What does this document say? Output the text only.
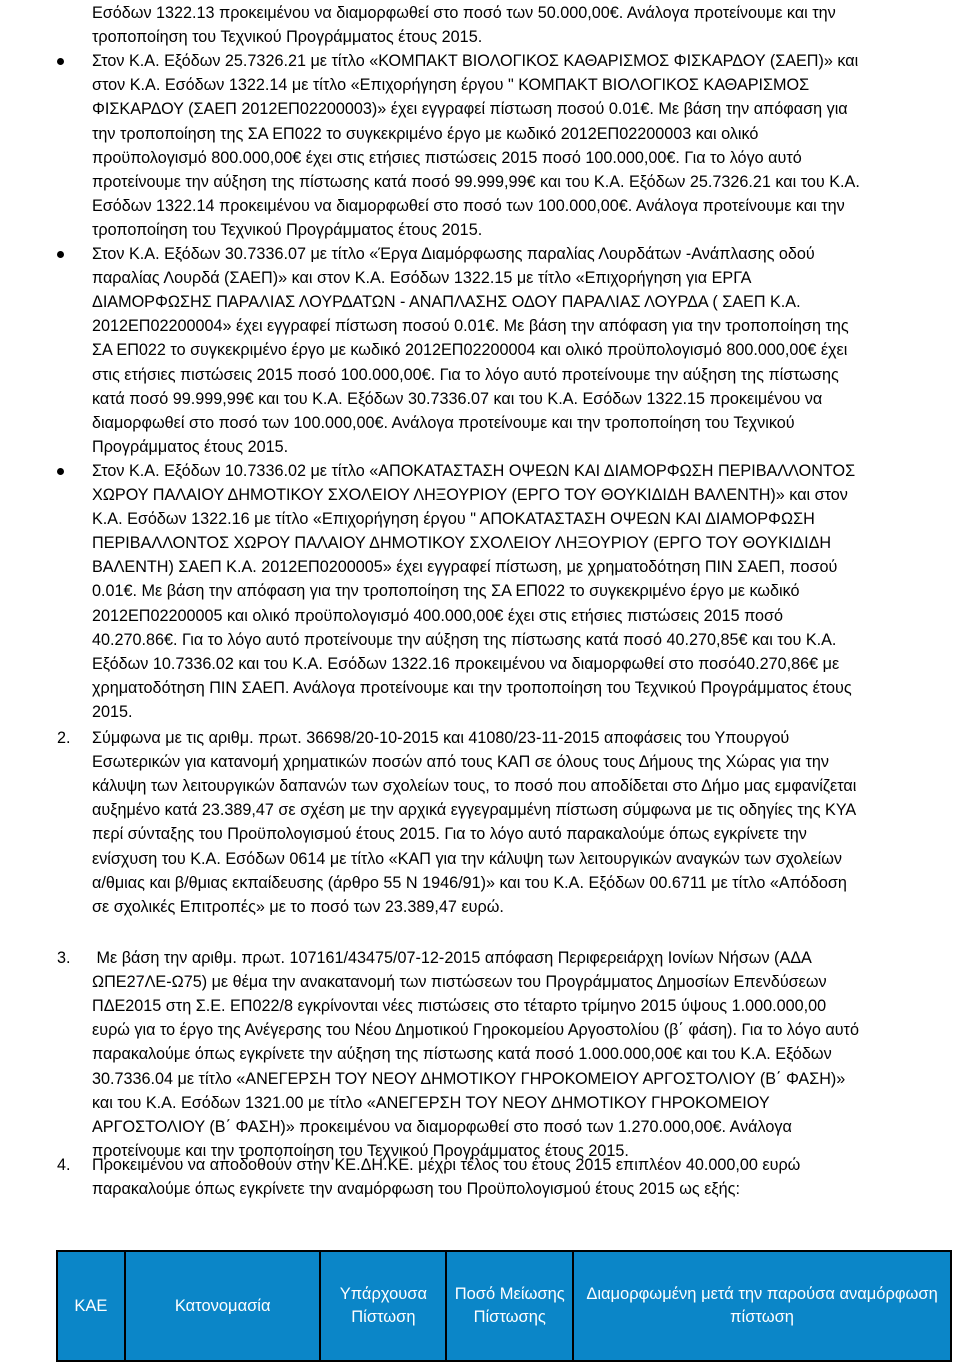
Εσόδων 1322.13 προκειμένου να διαμορφωθεί στο ποσό των 50.000,00€. Ανάλογα προτείνουμε και την
τροποποίηση του Τεχνικού Προγράμματος έτους 2015.
Στον Κ.Α. Εξόδων 25.7326.21 με τίτλο «ΚΟΜΠΑΚΤ ΒΙΟΛΟΓΙΚΟΣ ΚΑΘΑΡΙΣΜΟΣ ΦΙΣΚΑΡΔΟΥ (ΣΑΕΠ)» και
στον Κ.Α. Εσόδων 1322.14 με τίτλο «Επιχορήγηση έργου " ΚΟΜΠΑΚΤ ΒΙΟΛΟΓΙΚΟΣ ΚΑΘΑΡΙΣΜΟΣ
ΦΙΣΚΑΡΔΟΥ (ΣΑΕΠ 2012ΕΠ02200003)» έχει εγγραφεί πίστωση ποσού 0.01€. Με βάση την απόφαση για
την τροποποίηση της ΣΑ ΕΠ022 το συγκεκριμένο έργο με κωδικό 2012ΕΠ02200003 και ολικό
προϋπολογισμό 800.000,00€ έχει στις ετήσιες πιστώσεις 2015 ποσό 100.000,00€. Για το λόγο αυτό
προτείνουμε την αύξηση της πίστωσης κατά ποσό 99.999,99€ και του Κ.Α. Εξόδων 25.7326.21 και του Κ.Α.
Εσόδων 1322.14 προκειμένου να διαμορφωθεί στο ποσό των 100.000,00€. Ανάλογα προτείνουμε και την
τροποποίηση του Τεχνικού Προγράμματος έτους 2015.
Στον Κ.Α. Εξόδων 30.7336.07 με τίτλο «Έργα Διαμόρφωσης παραλίας Λουρδάτων -Ανάπλασης οδού
παραλίας Λουρδά (ΣΑΕΠ)» και στον Κ.Α. Εσόδων 1322.15 με τίτλο «Επιχορήγηση για ΕΡΓΑ
ΔΙΑΜΟΡΦΩΣΗΣ ΠΑΡΑΛΙΑΣ ΛΟΥΡΔΑΤΩΝ - ΑΝΑΠΛΑΣΗΣ ΟΔΟΥ ΠΑΡΑΛΙΑΣ ΛΟΥΡΔΑ ( ΣΑΕΠ Κ.Α.
2012ΕΠ02200004» έχει εγγραφεί πίστωση ποσού 0.01€. Με βάση την απόφαση για την τροποποίηση της
ΣΑ ΕΠ022 το συγκεκριμένο έργο με κωδικό 2012ΕΠ02200004 και ολικό προϋπολογισμό 800.000,00€ έχει
στις ετήσιες πιστώσεις 2015 ποσό 100.000,00€. Για το λόγο αυτό προτείνουμε την αύξηση της πίστωσης
κατά ποσό 99.999,99€ και του Κ.Α. Εξόδων 30.7336.07 και του Κ.Α. Εσόδων 1322.15 προκειμένου να
διαμορφωθεί στο ποσό των 100.000,00€. Ανάλογα προτείνουμε και την τροποποίηση του Τεχνικού
Προγράμματος έτους 2015.
Στον Κ.Α. Εξόδων 10.7336.02 με τίτλο «ΑΠΟΚΑΤΑΣΤΑΣΗ ΟΨΕΩΝ ΚΑΙ ΔΙΑΜΟΡΦΩΣΗ ΠΕΡΙΒΑΛΛΟΝΤΟΣ
ΧΩΡΟΥ ΠΑΛΑΙΟΥ ΔΗΜΟΤΙΚΟΥ ΣΧΟΛΕΙΟΥ ΛΗΞΟΥΡΙΟΥ (ΕΡΓΟ ΤΟΥ ΘΟΥΚΙΔΙΔΗ ΒΑΛΕΝΤΗ)» και στον
Κ.Α. Εσόδων 1322.16 με τίτλο «Επιχορήγηση έργου " ΑΠΟΚΑΤΑΣΤΑΣΗ ΟΨΕΩΝ ΚΑΙ ΔΙΑΜΟΡΦΩΣΗ
ΠΕΡΙΒΑΛΛΟΝΤΟΣ ΧΩΡΟΥ ΠΑΛΑΙΟΥ ΔΗΜΟΤΙΚΟΥ ΣΧΟΛΕΙΟΥ ΛΗΞΟΥΡΙΟΥ (ΕΡΓΟ ΤΟΥ ΘΟΥΚΙΔΙΔΗ
ΒΑΛΕΝΤΗ) ΣΑΕΠ Κ.Α. 2012ΕΠ0200005» έχει εγγραφεί πίστωση, με χρηματοδότηση ΠΙΝ ΣΑΕΠ, ποσού
0.01€. Με βάση την απόφαση για την τροποποίηση της ΣΑ ΕΠ022 το συγκεκριμένο έργο με κωδικό
2012ΕΠ02200005 και ολικό προϋπολογισμό 400.000,00€ έχει στις ετήσιες πιστώσεις 2015 ποσό
40.270.86€. Για το λόγο αυτό προτείνουμε την αύξηση της πίστωσης κατά ποσό 40.270,85€ και του Κ.Α.
Εξόδων 10.7336.02 και του Κ.Α. Εσόδων 1322.16 προκειμένου να διαμορφωθεί στο ποσό40.270,86€ με
χρηματοδότηση ΠΙΝ ΣΑΕΠ. Ανάλογα προτείνουμε και την τροποποίηση του Τεχνικού Προγράμματος έτους
2015.
2. Σύμφωνα με τις αριθμ. πρωτ. 36698/20-10-2015 και 41080/23-11-2015 αποφάσεις του Υπουργού
Εσωτερικών για κατανομή χρηματικών ποσών από τους ΚΑΠ σε όλους τους Δήμους της Χώρας για την
κάλυψη των λειτουργικών δαπανών των σχολείων τους, το ποσό που αποδίδεται στο Δήμο μας εμφανίζεται
αυξημένο κατά 23.389,47 σε σχέση με την αρχικά εγγεγραμμένη πίστωση σύμφωνα με τις οδηγίες της ΚΥΑ
περί σύνταξης του Προϋπολογισμού έτους 2015. Για το λόγο αυτό παρακαλούμε όπως εγκρίνετε την
ενίσχυση του Κ.Α. Εσόδων 0614 με τίτλο «ΚΑΠ για την κάλυψη των λειτουργικών αναγκών των σχολείων
α/θμιας και β/θμιας εκπαίδευσης (άρθρο 55 Ν 1946/91)» και του Κ.Α. Εξόδων 00.6711 με τίτλο «Απόδοση
σε σχολικές Επιτροπές» με το ποσό των 23.389,47 ευρώ.
3. Με βάση την αριθμ. πρωτ. 107161/43475/07-12-2015 απόφαση Περιφερειάρχη Ιονίων Νήσων (ΑΔΑ
ΩΠΕ27ΛΕ-Ω75) με θέμα την ανακατανομή των πιστώσεων του Προγράμματος Δημοσίων Επενδύσεων
ΠΔΕ2015 στη Σ.Ε. ΕΠ022/8 εγκρίνονται νέες πιστώσεις στο τέταρτο τρίμηνο 2015 ύψους 1.000.000,00
ευρώ για το έργο της Ανέγερσης του Νέου Δημοτικού Γηροκομείου Αργοστολίου (β΄ φάση). Για το λόγο αυτό
παρακαλούμε όπως εγκρίνετε την αύξηση της πίστωσης κατά ποσό 1.000.000,00€ και του Κ.Α. Εξόδων
30.7336.04 με τίτλο «ΑΝΕΓΕΡΣΗ ΤΟΥ ΝΕΟΥ ΔΗΜΟΤΙΚΟΥ ΓΗΡΟΚΟΜΕΙΟΥ ΑΡΓΟΣΤΟΛΙΟΥ (Β΄ ΦΑΣΗ)»
και του Κ.Α. Εσόδων 1321.00 με τίτλο «ΑΝΕΓΕΡΣΗ ΤΟΥ ΝΕΟΥ ΔΗΜΟΤΙΚΟΥ ΓΗΡΟΚΟΜΕΙΟΥ
ΑΡΓΟΣΤΟΛΙΟΥ (Β΄ ΦΑΣΗ)» προκειμένου να διαμορφωθεί στο ποσό των 1.270.000,00€. Ανάλογα
προτείνουμε και την τροποποίηση του Τεχνικού Προγράμματος έτους 2015.
4. Προκειμένου να αποδοθούν στην ΚΕ.ΔΗ.ΚΕ. μέχρι τέλος του έτους 2015 επιπλέον 40.000,00 ευρώ
παρακαλούμε όπως εγκρίνετε την αναμόρφωση του Προϋπολογισμού έτους 2015 ως εξής:
ΚΑΕ	Κατονομασία	Υπάρχουσα Πίστωση	Ποσό Μείωσης Πίστωσης	Διαμορφωμένη μετά την παρούσα αναμόρφωση πίστωση
